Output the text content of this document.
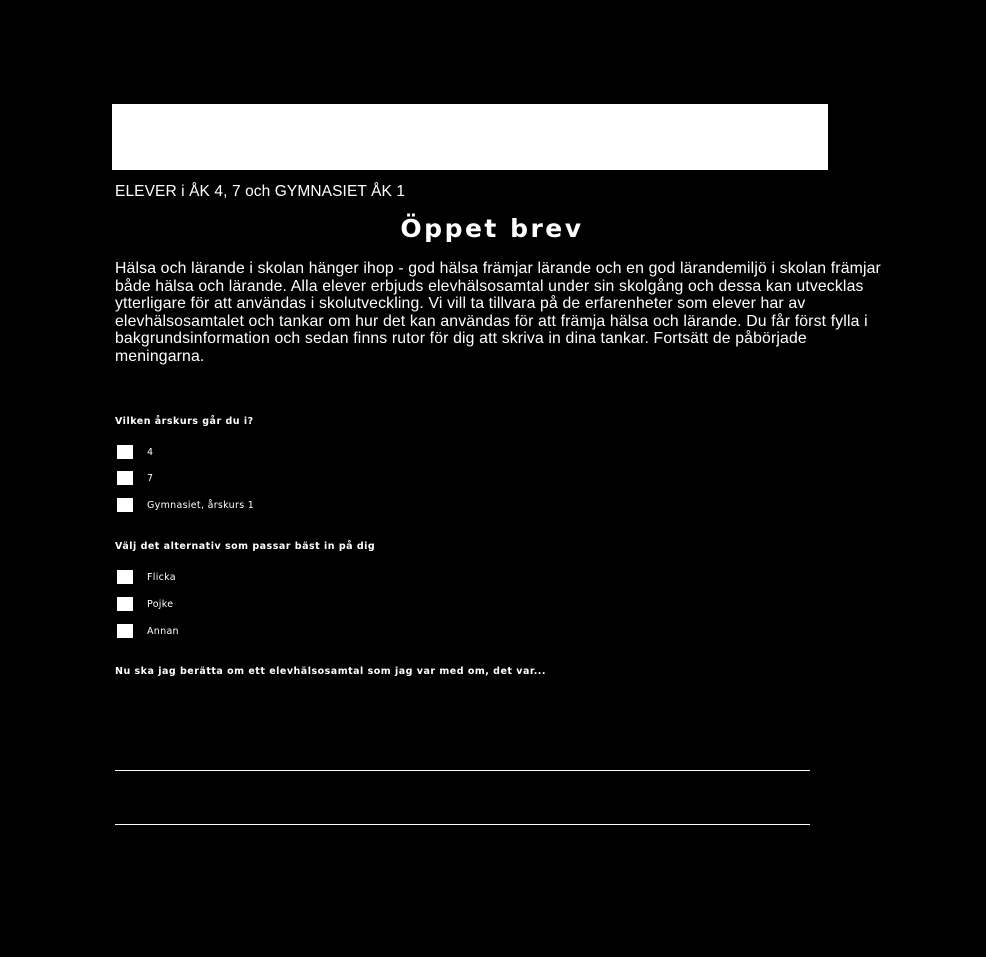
ELEVER i ÅK 4, 7 och GYMNASIET ÅK 1
Öppet brev

Hälsa och lärande i skolan hänger ihop - god hälsa främjar lärande och en god lärandemiljö i skolan främjar både hälsa och lärande. Alla elever erbjuds elevhälsosamtal under sin skolgång och dessa kan utvecklas ytterligare för att användas i skolutveckling. Vi vill ta tillvara på de erfarenheter som elever har av elevhälsosamtalet och tankar om hur det kan användas för att främja hälsa och lärande. Du får först fylla i bakgrundsinformation och sedan finns rutor för dig att skriva in dina tankar. Fortsätt de påbörjade meningarna.

Vilken årskurs går du i?
4
7
Gymnasiet, årskurs 1
Välj det alternativ som passar bäst in på dig
Flicka
Pojke
Annan
Nu ska jag berätta om ett elevhälsosamtal som jag var med om, det var...
